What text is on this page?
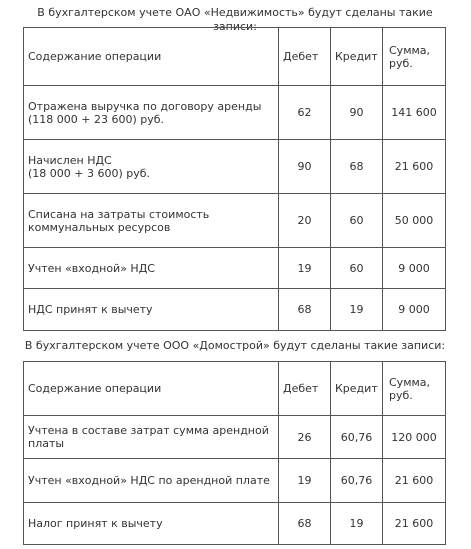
В бухгалтерском учете ОАО «Недвижимость» будут сделаны такие записи:
Содержание операции	Дебет	Кредит	Сумма, руб.
Отражена выручка по договору аренды (118 000 + 23 600) руб.	62	90	141 600

Начислен НДС
(18 000 + 3 600) руб.	90	68	21 600
Списана на затраты стоимость коммунальных ресурсов	20	60	50 000
Учтен «входной» НДС	19	60	9 000
НДС принят к вычету	68	19	9 000
В бухгалтерском учете ООО «Домострой» будут сделаны такие записи:
Содержание операции	Дебет	Кредит	Сумма, руб.
Учтена в составе затрат сумма арендной платы	26	60,76	120 000
Учтен «входной» НДС по арендной плате	19	60,76	21 600
Налог принят к вычету	68	19	21 600
